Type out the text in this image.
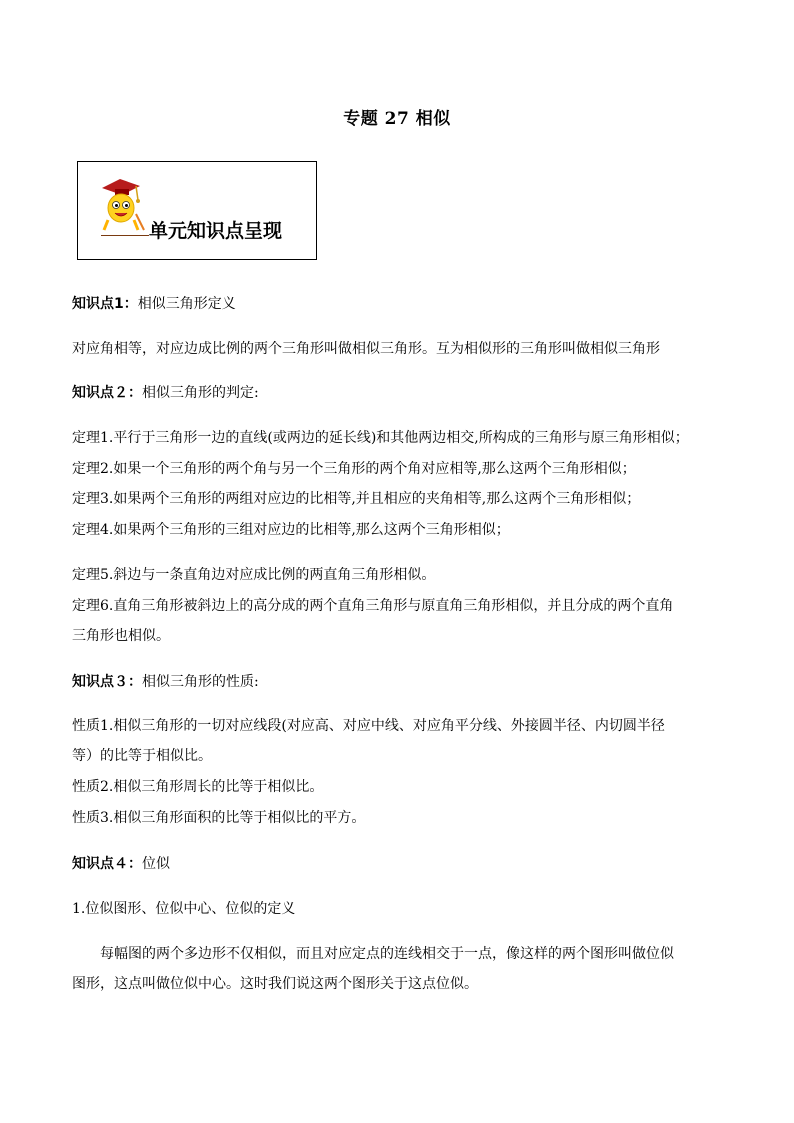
专题 27 相似
单元知识点呈现
知识点1：相似三角形定义
对应角相等，对应边成比例的两个三角形叫做相似三角形。互为相似形的三角形叫做相似三角形
知识点２：相似三角形的判定:
定理1.平行于三角形一边的直线(或两边的延长线)和其他两边相交,所构成的三角形与原三角形相似；
定理2.如果一个三角形的两个角与另一个三角形的两个角对应相等,那么这两个三角形相似；
定理3.如果两个三角形的两组对应边的比相等,并且相应的夹角相等,那么这两个三角形相似；
定理4.如果两个三角形的三组对应边的比相等,那么这两个三角形相似；
定理5.斜边与一条直角边对应成比例的两直角三角形相似。
定理6.直角三角形被斜边上的高分成的两个直角三角形与原直角三角形相似，并且分成的两个直角
三角形也相似。
知识点３：相似三角形的性质:
性质1.相似三角形的一切对应线段(对应高、对应中线、对应角平分线、外接圆半径、内切圆半径
等）的比等于相似比。
性质2.相似三角形周长的比等于相似比。
性质3.相似三角形面积的比等于相似比的平方。
知识点４：位似
1.位似图形、位似中心、位似的定义
每幅图的两个多边形不仅相似，而且对应定点的连线相交于一点，像这样的两个图形叫做位似
图形，这点叫做位似中心。这时我们说这两个图形关于这点位似。
